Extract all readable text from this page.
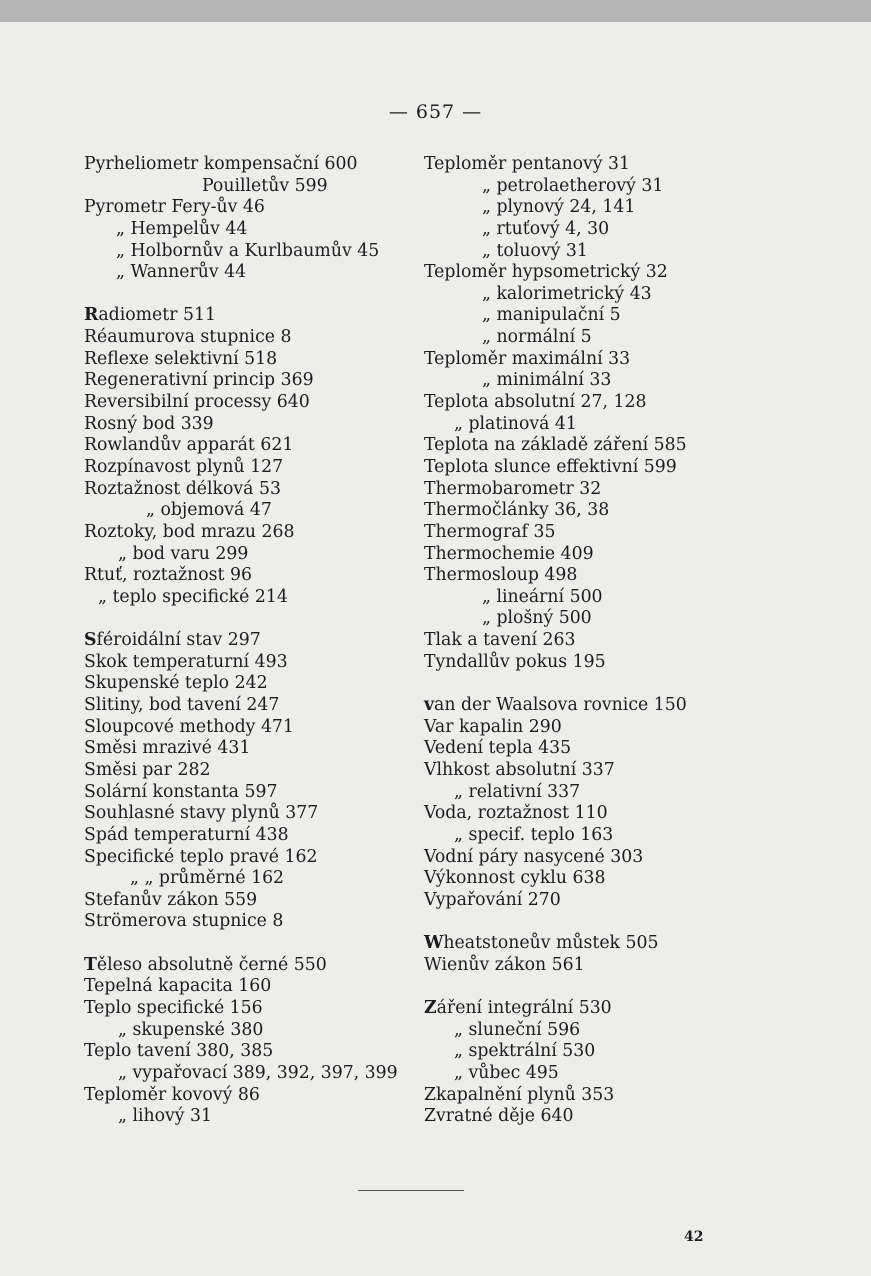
— 657 —
Pyrheliometr kompensační 600
Pouilletův 599
Pyrometr Fery-ův 46
„ Hempelův 44
„ Holbornův a Kurlbaumův 45
„ Wannerův 44
Radiometr 511
Réaumurova stupnice 8
Reflexe selektivní 518
Regenerativní princip 369
Reversibilní processy 640
Rosný bod 339
Rowlandův apparát 621
Rozpínavost plynů 127
Roztažnost délková 53
„ objemová 47
Roztoky, bod mrazu 268
„ bod varu 299
Rtuť, roztažnost 96
„ teplo specifické 214
Sféroidální stav 297
Skok temperaturní 493
Skupenské teplo 242
Slitiny, bod tavení 247
Sloupcové methody 471
Směsi mrazivé 431
Směsi par 282
Solární konstanta 597
Souhlasné stavy plynů 377
Spád temperaturní 438
Specifické teplo pravé 162
„ „ průměrné 162
Stefanův zákon 559
Strömerova stupnice 8
Těleso absolutně černé 550
Tepelná kapacita 160
Teplo specifické 156
„ skupenské 380
Teplo tavení 380, 385
„ vypařovací 389, 392, 397, 399
Teploměr kovový 86
„ lihový 31
Teploměr pentanový 31
„ petrolaetherový 31
„ plynový 24, 141
„ rtuťový 4, 30
„ toluový 31
Teploměr hypsometrický 32
„ kalorimetrický 43
„ manipulační 5
„ normální 5
Teploměr maximální 33
„ minimální 33
Teplota absolutní 27, 128
„ platinová 41
Teplota na základě záření 585
Teplota slunce effektivní 599
Thermobarometr 32
Thermočlánky 36, 38
Thermograf 35
Thermochemie 409
Thermosloup 498
„ lineární 500
„ plošný 500
Tlak a tavení 263
Tyndallův pokus 195
van der Waalsova rovnice 150
Var kapalin 290
Vedení tepla 435
Vlhkost absolutní 337
„ relativní 337
Voda, roztažnost 110
„ specif. teplo 163
Vodní páry nasycené 303
Výkonnost cyklu 638
Vypařování 270
Wheatstoneův můstek 505
Wienův zákon 561
Záření integrální 530
„ sluneční 596
„ spektrální 530
„ vůbec 495
Zkapalnění plynů 353
Zvratné děje 640
42
